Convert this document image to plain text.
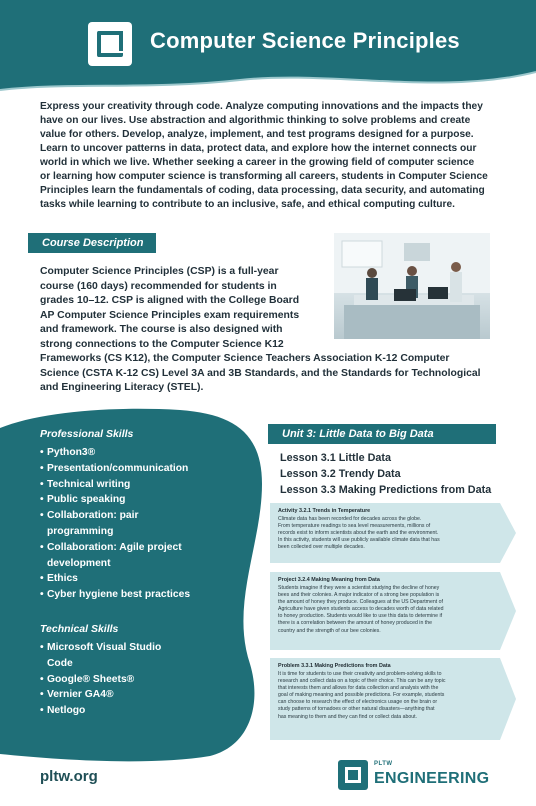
Computer Science Principles
Express your creativity through code. Analyze computing innovations and the impacts they
have on our lives. Use abstraction and algorithmic thinking to solve problems and create
value for others. Develop, analyze, implement, and test programs designed for a purpose.
Learn to uncover patterns in data, protect data, and explore how the internet connects our
world in which we live. Whether seeking a career in the growing field of computer science
or learning how computer science is transforming all careers, students in Computer Science
Principles learn the fundamentals of coding, data processing, data security, and automating
tasks while learning to contribute to an inclusive, safe, and ethical computing culture.
Course Description
Computer Science Principles (CSP) is a full-year
course (160 days) recommended for students in
grades 10–12. CSP is aligned with the College Board
AP Computer Science Principles exam requirements
and framework. The course is also designed with
strong connections to the Computer Science K12
Frameworks (CS K12), the Computer Science Teachers Association K-12 Computer
Science (CSTA K-12 CS) Level 3A and 3B Standards, and the Standards for Technological
and Engineering Literacy (STEL).
Professional Skills
• Python3®
• Presentation/communication
• Technical writing
• Public speaking
• Collaboration: pair
programming
• Collaboration: Agile project
development
• Ethics
• Cyber hygiene best practices
Technical Skills
• Microsoft Visual Studio
Code
• Google® Sheets®
• Vernier GA4®
• Netlogo
Unit 3: Little Data to Big Data
Lesson 3.1 Little Data
Lesson 3.2 Trendy Data
Lesson 3.3 Making Predictions from Data
Activity 3.2.1 Trends in Temperature
Climate data has been recorded for decades across the globe.
From temperature readings to sea level measurements, millions of
records exist to inform scientists about the earth and the environment.
In this activity, students will use publicly available climate data that has
been collected over multiple decades.
Project 3.2.4 Making Meaning from Data
Students imagine if they were a scientist studying the decline of honey
bees and their colonies. A major indicator of a strong bee population is
the amount of honey they produce. Colleagues at the US Department of
Agriculture have given students access to decades worth of data related
to honey production. Students would like to use this data to determine if
there is a correlation between the amount of honey produced in the
country and the strength of our bee colonies.
Problem 3.3.1 Making Predictions from Data
It is time for students to use their creativity and problem-solving skills to
research and collect data on a topic of their choice. This can be any topic
that interests them and allows for data collection and analysis with the
goal of making meaning and possible predictions. For example, students
can choose to research the effect of electronics usage on the brain or
study patterns of tornadoes or other natural disasters—anything that
has meaning to them and they can find or collect data about.
pltw.org
PLTW
ENGINEERING
